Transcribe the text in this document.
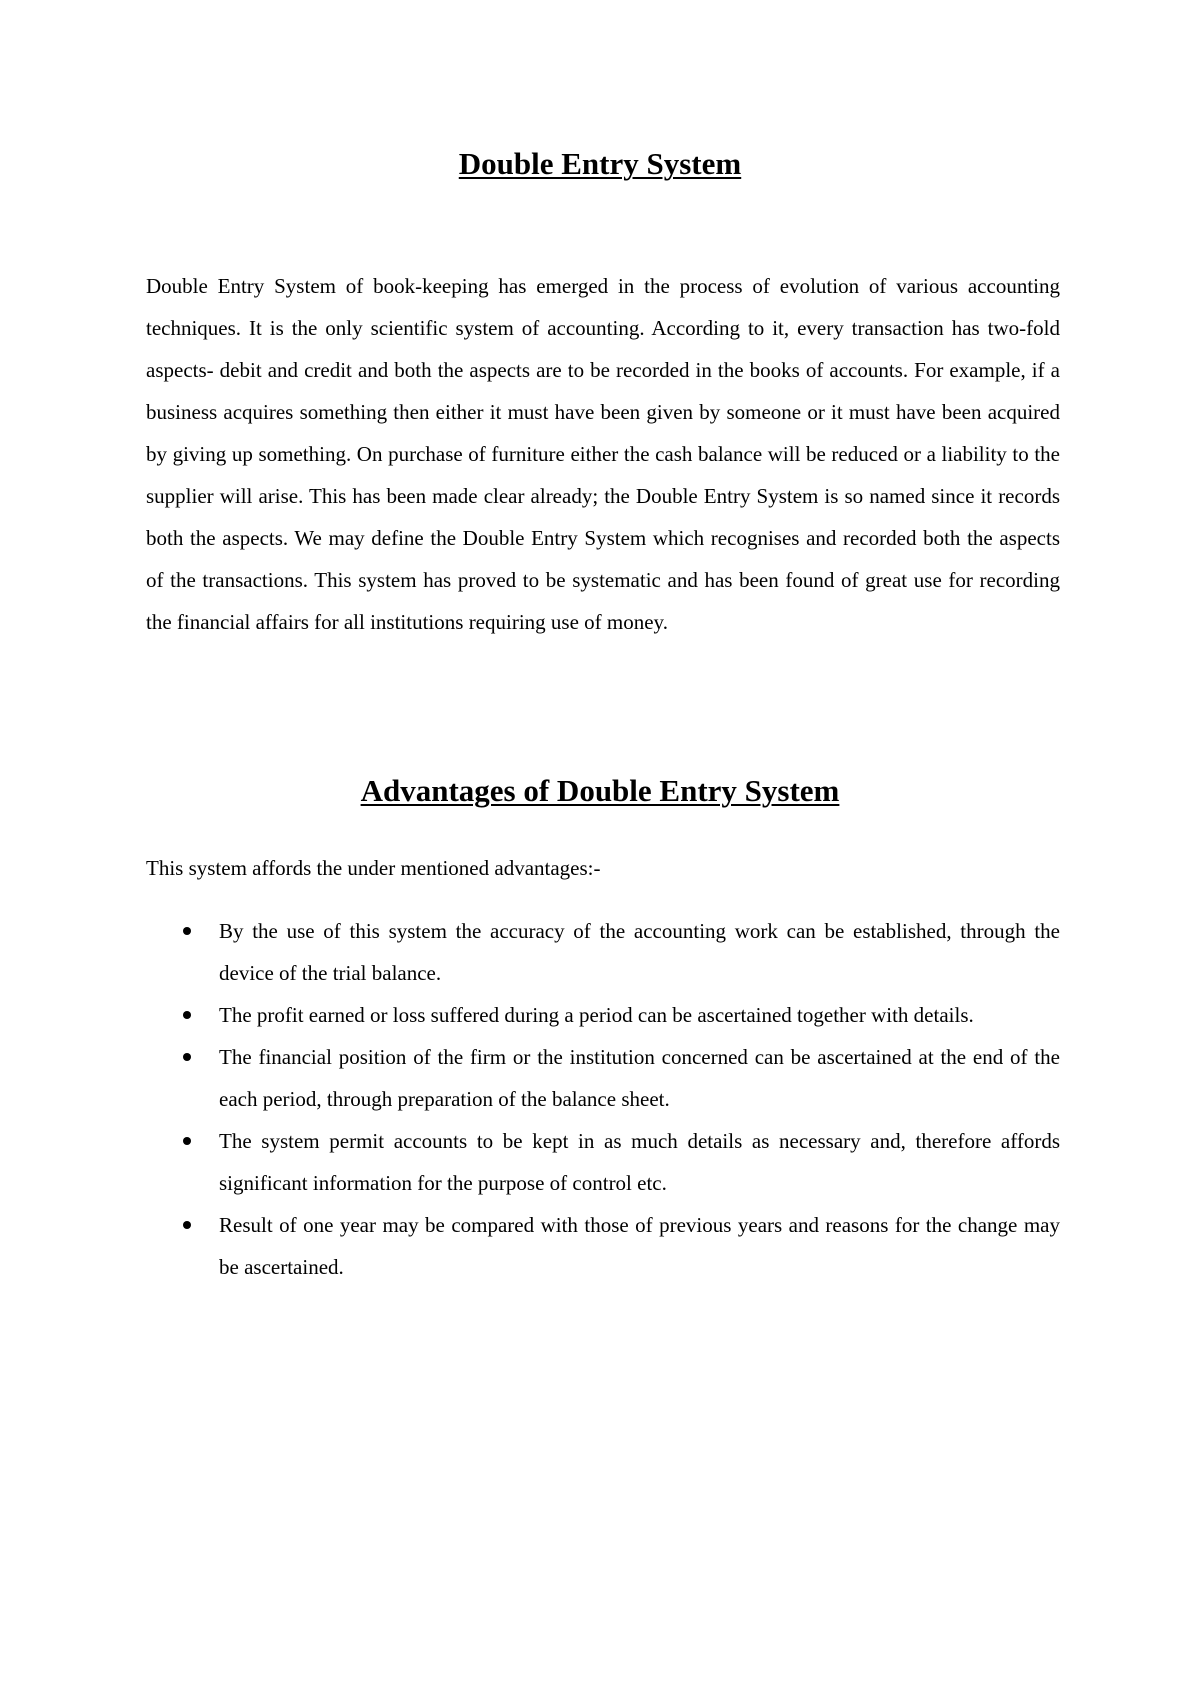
Double Entry System

Double Entry System of book-keeping has emerged in the process of evolution of various accounting techniques. It is the only scientific system of accounting. According to it, every transaction has two-fold aspects- debit and credit and both the aspects are to be recorded in the books of accounts. For example, if a business acquires something then either it must have been given by someone or it must have been acquired by giving up something. On purchase of furniture either the cash balance will be reduced or a liability to the supplier will arise. This has been made clear already; the Double Entry System is so named since it records both the aspects. We may define the Double Entry System which recognises and recorded both the aspects of the transactions. This system has proved to be systematic and has been found of great use for recording the financial affairs for all institutions requiring use of money.

Advantages of Double Entry System

This system affords the under mentioned advantages:-

By the use of this system the accuracy of the accounting work can be established, through the device of the trial balance.
The profit earned or loss suffered during a period can be ascertained together with details.
The financial position of the firm or the institution concerned can be ascertained at the end of the each period, through preparation of the balance sheet.
The system permit accounts to be kept in as much details as necessary and, therefore affords significant information for the purpose of control etc.
Result of one year may be compared with those of previous years and reasons for the change may be ascertained.
